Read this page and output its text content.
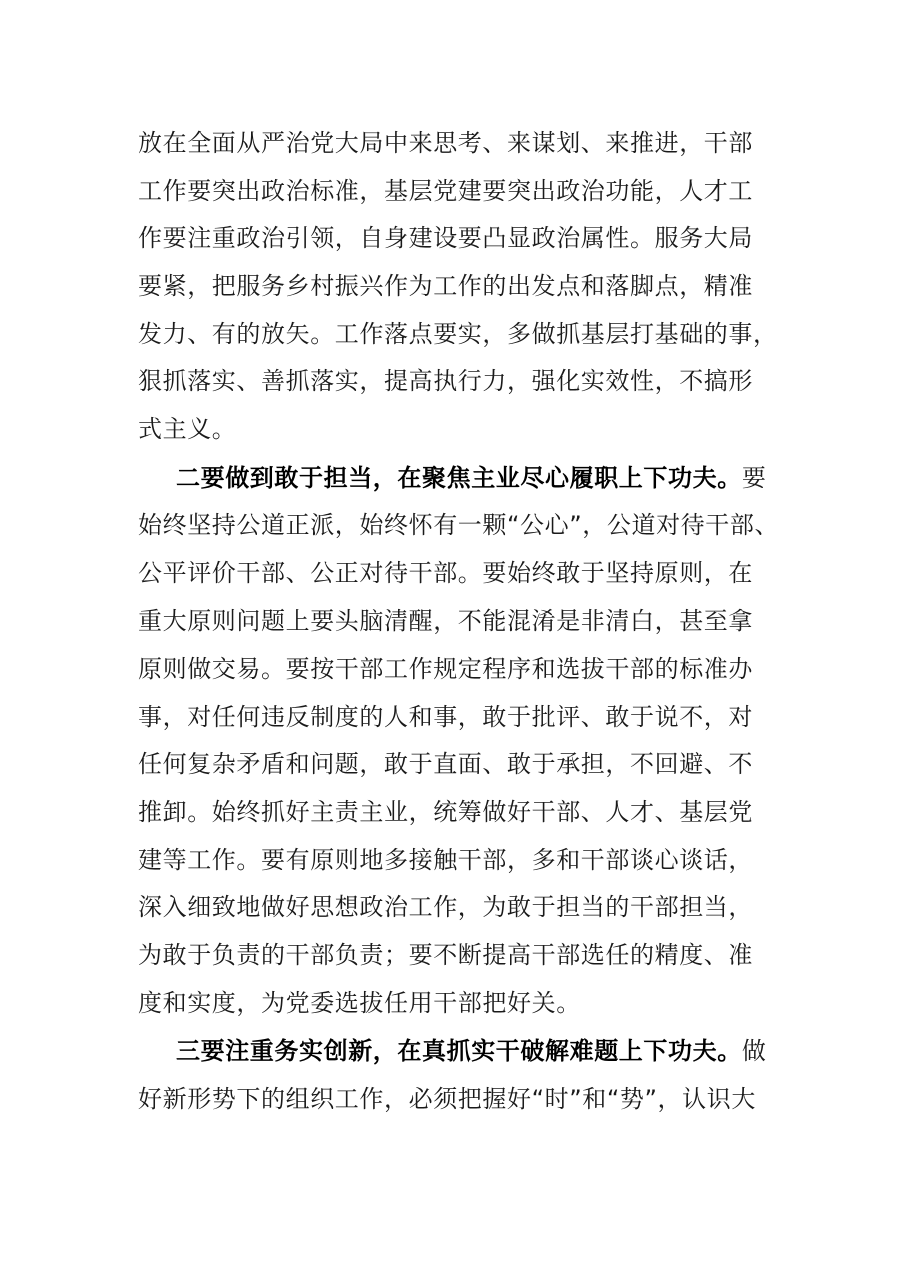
放在全面从严治党大局中来思考、来谋划、来推进，干部
工作要突出政治标准，基层党建要突出政治功能，人才工
作要注重政治引领，自身建设要凸显政治属性。服务大局
要紧，把服务乡村振兴作为工作的出发点和落脚点，精准
发力、有的放矢。工作落点要实，多做抓基层打基础的事，
狠抓落实、善抓落实，提高执行力，强化实效性，不搞形
式主义。
二要做到敢于担当，在聚焦主业尽心履职上下功夫。要
始终坚持公道正派，始终怀有一颗“公心”，公道对待干部、
公平评价干部、公正对待干部。要始终敢于坚持原则，在
重大原则问题上要头脑清醒，不能混淆是非清白，甚至拿
原则做交易。要按干部工作规定程序和选拔干部的标准办
事，对任何违反制度的人和事，敢于批评、敢于说不，对
任何复杂矛盾和问题，敢于直面、敢于承担，不回避、不
推卸。始终抓好主责主业，统筹做好干部、人才、基层党
建等工作。要有原则地多接触干部，多和干部谈心谈话，
深入细致地做好思想政治工作，为敢于担当的干部担当，
为敢于负责的干部负责；要不断提高干部选任的精度、准
度和实度，为党委选拔任用干部把好关。
三要注重务实创新，在真抓实干破解难题上下功夫。做
好新形势下的组织工作，必须把握好“时”和“势”，认识大
